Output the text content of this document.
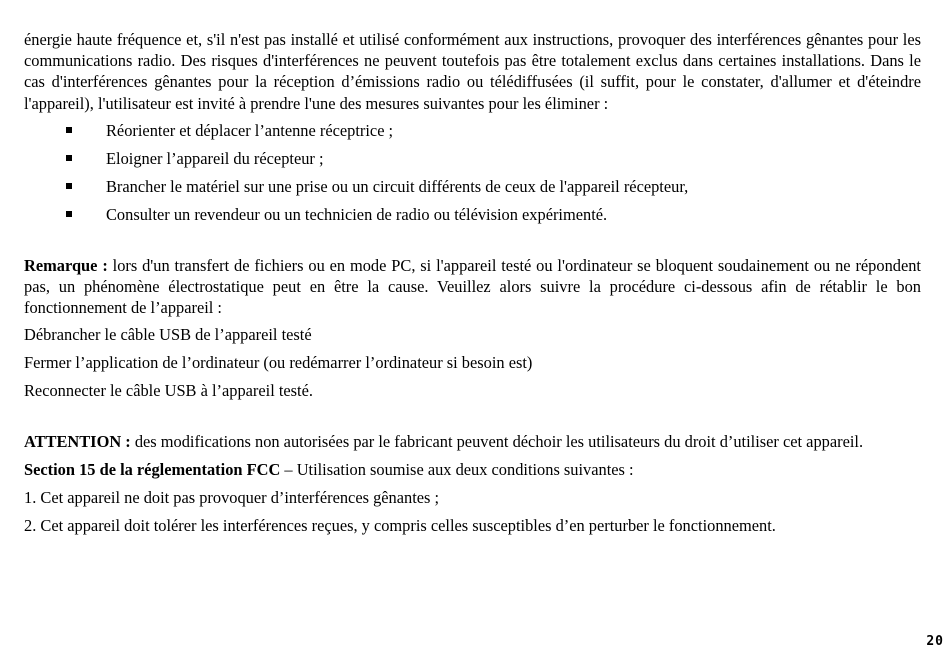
énergie haute fréquence et, s'il n'est pas installé et utilisé conformément aux instructions, provoquer des interférences gênantes pour les communications radio. Des risques d'interférences ne peuvent toutefois pas être totalement exclus dans certaines installations. Dans le cas d'interférences gênantes pour la réception d’émissions radio ou télédiffusées (il suffit, pour le constater, d'allumer et d'éteindre l'appareil), l'utilisateur est invité à prendre l'une des mesures suivantes pour les éliminer :

Réorienter et déplacer l’antenne réceptrice ;
Eloigner l’appareil du récepteur ;
Brancher le matériel sur une prise ou un circuit différents de ceux de l'appareil récepteur,
Consulter un revendeur ou un technicien de radio ou télévision expérimenté.

Remarque : lors d'un transfert de fichiers ou en mode PC, si l'appareil testé ou l'ordinateur se bloquent soudainement ou ne répondent pas, un phénomène électrostatique peut en être la cause. Veuillez alors suivre la procédure ci-dessous afin de rétablir le bon fonctionnement de l’appareil :

Débrancher le câble USB de l’appareil testé

Fermer l’application de l’ordinateur (ou redémarrer l’ordinateur si besoin est)

Reconnecter le câble USB à l’appareil testé.

ATTENTION : des modifications non autorisées par le fabricant peuvent déchoir les utilisateurs du droit d’utiliser cet appareil.

Section 15 de la réglementation FCC – Utilisation soumise aux deux conditions suivantes :

1. Cet appareil ne doit pas provoquer d’interférences gênantes ;

2. Cet appareil doit tolérer les interférences reçues, y compris celles susceptibles d’en perturber le fonctionnement.

20
